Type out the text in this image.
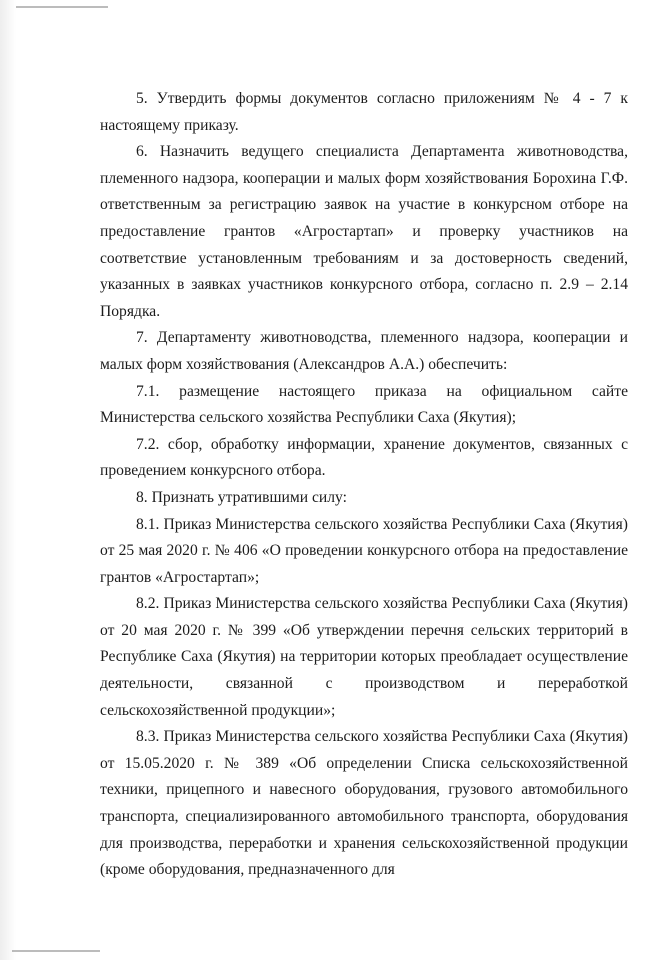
5. Утвердить формы документов согласно приложениям № 4 - 7 к настоящему приказу.

6. Назначить ведущего специалиста Департамента животноводства, племенного надзора, кооперации и малых форм хозяйствования Борохина Г.Ф. ответственным за регистрацию заявок на участие в конкурсном отборе на предоставление грантов «Агростартап» и проверку участников на соответствие установленным требованиям и за достоверность сведений, указанных в заявках участников конкурсного отбора, согласно п. 2.9 – 2.14 Порядка.

7. Департаменту животноводства, племенного надзора, кооперации и малых форм хозяйствования (Александров А.А.) обеспечить:

7.1. размещение настоящего приказа на официальном сайте Министерства сельского хозяйства Республики Саха (Якутия);

7.2. сбор, обработку информации, хранение документов, связанных с проведением конкурсного отбора.

8. Признать утратившими силу:

8.1. Приказ Министерства сельского хозяйства Республики Саха (Якутия) от 25 мая 2020 г. № 406 «О проведении конкурсного отбора на предоставление грантов «Агростартап»;

8.2. Приказ Министерства сельского хозяйства Республики Саха (Якутия) от 20 мая 2020 г. № 399 «Об утверждении перечня сельских территорий в Республике Саха (Якутия) на территории которых преобладает осуществление деятельности, связанной с производством и переработкой сельскохозяйственной продукции»;

8.3. Приказ Министерства сельского хозяйства Республики Саха (Якутия) от 15.05.2020 г. № 389 «Об определении Списка сельскохозяйственной техники, прицепного и навесного оборудования, грузового автомобильного транспорта, специализированного автомобильного транспорта, оборудования для производства, переработки и хранения сельскохозяйственной продукции (кроме оборудования, предназначенного для
